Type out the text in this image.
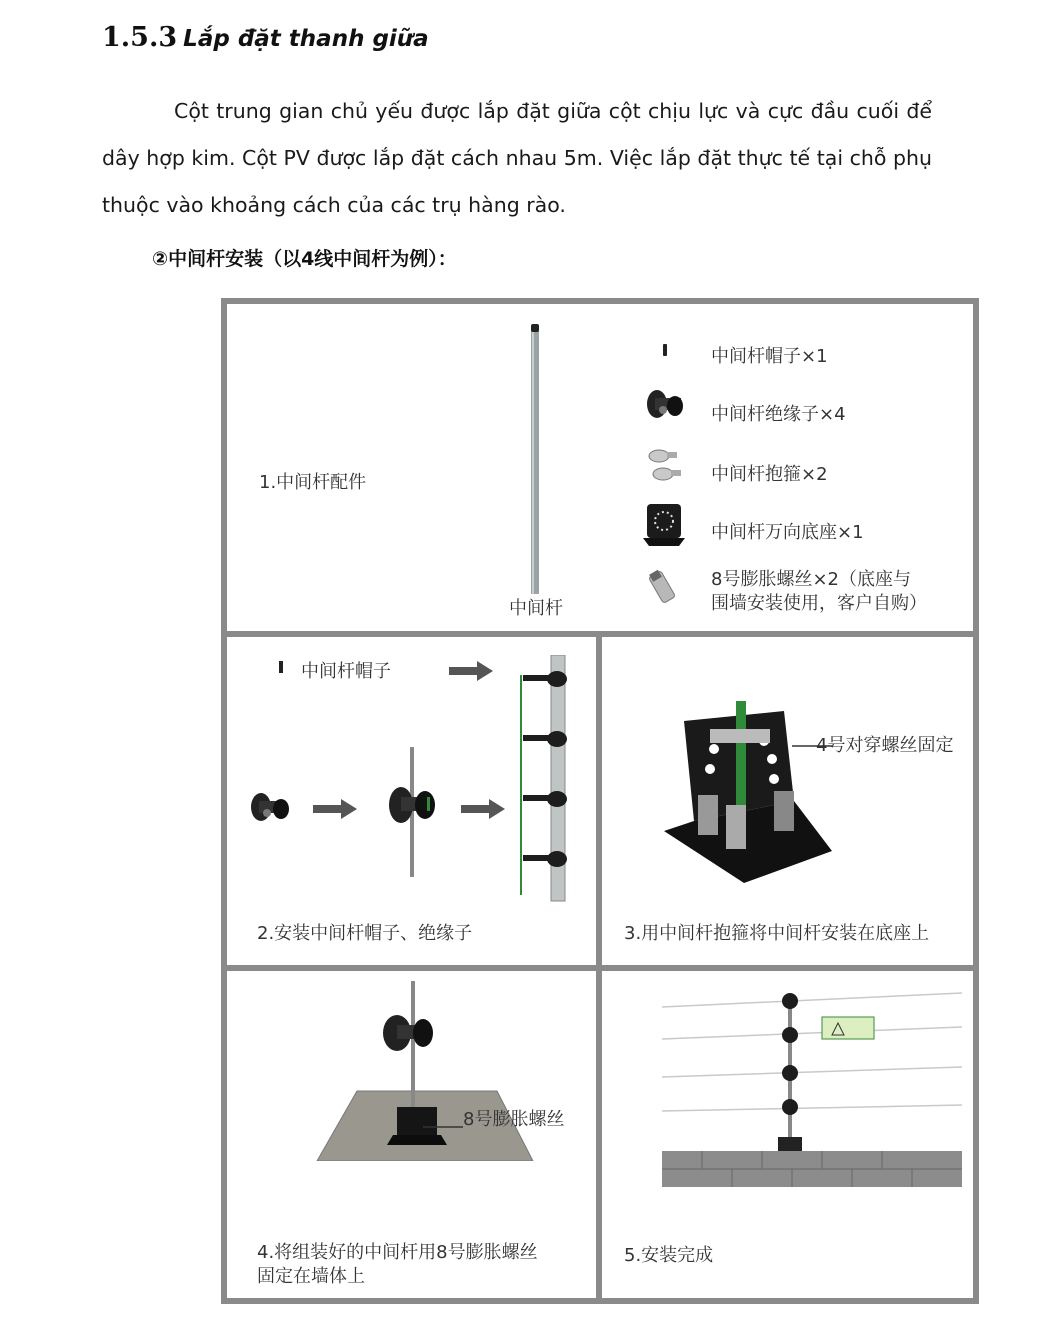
1.5.3 Lắp đặt thanh giữa
Cột trung gian chủ yếu được lắp đặt giữa cột chịu lực và cực đầu cuối để
dây hợp kim. Cột PV được lắp đặt cách nhau 5m. Việc lắp đặt thực tế tại chỗ phụ
thuộc vào khoảng cách của các trụ hàng rào.
②中间杆安装（以4线中间杆为例）：
1.中间杆配件
中间杆
中间杆帽子×1
中间杆绝缘子×4
中间杆抱箍×2
中间杆万向底座×1
8号膨胀螺丝×2（底座与
围墙安装使用，客户自购）
中间杆帽子
2.安装中间杆帽子、绝缘子
4号对穿螺丝固定
3.用中间杆抱箍将中间杆安装在底座上
8号膨胀螺丝
4.将组装好的中间杆用8号膨胀螺丝
固定在墙体上
5.安装完成
